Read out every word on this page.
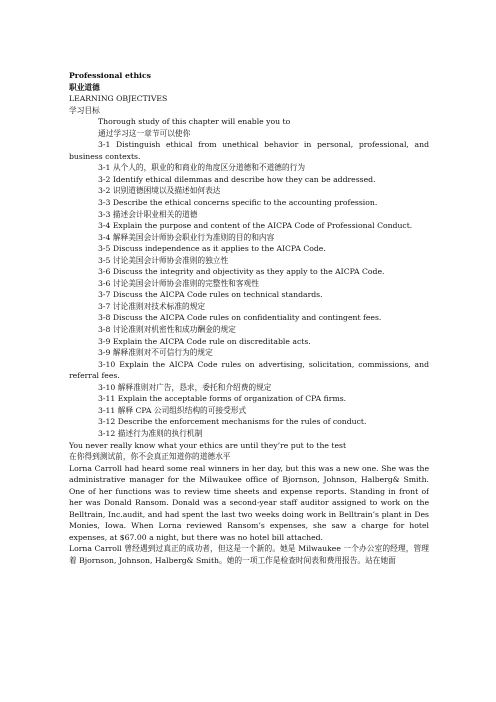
Professional ethics
职业道德
LEARNING OBJECTIVES
学习目标
Thorough study of this chapter will enable you to
通过学习这一章节可以使你
3-1 Distinguish ethical from unethical behavior in personal, professional, and business contexts.
3-1 从个人的，职业的和商业的角度区分道德和不道德的行为
3-2 Identify ethical dilemmas and describe how they can be addressed.
3-2 识别道德困境以及描述如何表达
3-3 Describe the ethical concerns specific to the accounting profession.
3-3 描述会计职业相关的道德
3-4 Explain the purpose and content of the AICPA Code of Professional Conduct.
3-4 解释美国会计师协会职业行为准则的目的和内容
3-5 Discuss independence as it applies to the AICPA Code.
3-5 讨论美国会计师协会准则的独立性
3-6 Discuss the integrity and objectivity as they apply to the AICPA Code.
3-6 讨论美国会计师协会准则的完整性和客观性
3-7 Discuss the AICPA Code rules on technical standards.
3-7 讨论准则对技术标准的规定
3-8 Discuss the AICPA Code rules on confidentiality and contingent fees.
3-8 讨论准则对机密性和成功酬金的规定
3-9 Explain the AICPA Code rule on discreditable acts.
3-9 解释准则对不可信行为的规定
3-10 Explain the AICPA Code rules on advertising, solicitation, commissions, and referral fees.
3-10 解释准则对广告，恳求，委托和介绍费的规定
3-11 Explain the acceptable forms of organization of CPA firms.
3-11 解释 CPA 公司组织结构的可接受形式
3-12 Describe the enforcement mechanisms for the rules of conduct.
3-12 描述行为准则的执行机制
You never really know what your ethics are until they’re put to the test
在你得到测试前，你不会真正知道你的道德水平
Lorna Carroll had heard some real winners in her day, but this was a new one. She was the administrative manager for the Milwaukee office of Bjornson, Johnson, Halberg& Smith. One of her functions was to review time sheets and expense reports. Standing in front of her was Donald Ransom. Donald was a second-year staff auditor assigned to work on the Belltrain, Inc.audit, and had spent the last two weeks doing work in Belltrain’s plant in Des Monies, Iowa. When Lorna reviewed Ransom’s expenses, she saw a charge for hotel expenses, at $67.00 a night, but there was no hotel bill attached.
Lorna Carroll 曾经遇到过真正的成功者，但这是一个新的。她是 Milwaukee 一个办公室的经理，管理着 Bjornson, Johnson, Halberg& Smith。她的一项工作是检查时间表和费用报告。站在她面
